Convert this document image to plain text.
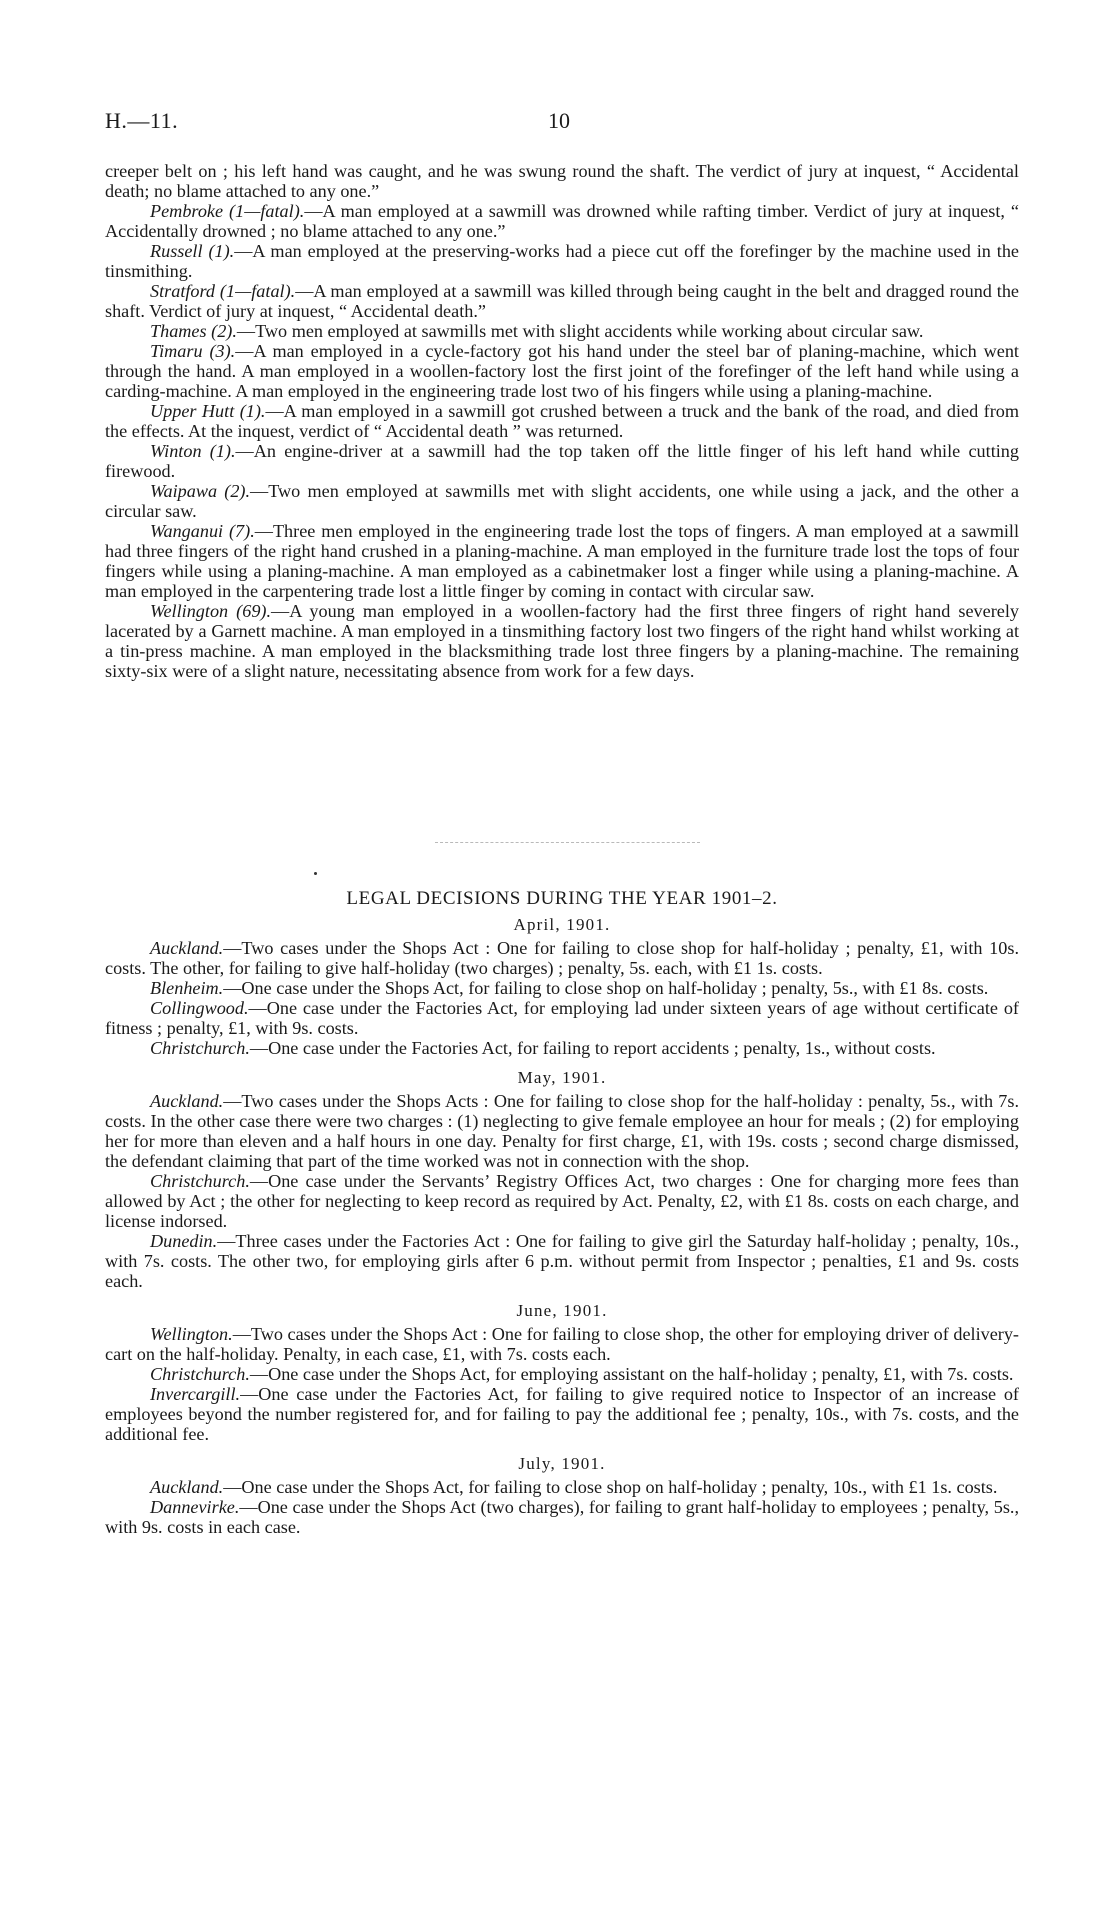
H.—11.	10

creeper belt on ; his left hand was caught, and he was swung round the shaft. The verdict of jury at inquest, “ Accidental death; no blame attached to any one.”

Pembroke (1—fatal).—A man employed at a sawmill was drowned while rafting timber. Verdict of jury at inquest, “ Accidentally drowned ; no blame attached to any one.”

Russell (1).—A man employed at the preserving-works had a piece cut off the forefinger by the machine used in the tinsmithing.

Stratford (1—fatal).—A man employed at a sawmill was killed through being caught in the belt and dragged round the shaft. Verdict of jury at inquest, “ Accidental death.”

Thames (2).—Two men employed at sawmills met with slight accidents while working about circular saw.

Timaru (3).—A man employed in a cycle-factory got his hand under the steel bar of planing-machine, which went through the hand. A man employed in a woollen-factory lost the first joint of the forefinger of the left hand while using a carding-machine. A man employed in the engineering trade lost two of his fingers while using a planing-machine.

Upper Hutt (1).—A man employed in a sawmill got crushed between a truck and the bank of the road, and died from the effects. At the inquest, verdict of “ Accidental death ” was returned.

Winton (1).—An engine-driver at a sawmill had the top taken off the little finger of his left hand while cutting firewood.

Waipawa (2).—Two men employed at sawmills met with slight accidents, one while using a jack, and the other a circular saw.

Wanganui (7).—Three men employed in the engineering trade lost the tops of fingers. A man employed at a sawmill had three fingers of the right hand crushed in a planing-machine. A man employed in the furniture trade lost the tops of four fingers while using a planing-machine. A man employed as a cabinetmaker lost a finger while using a planing-machine. A man employed in the carpentering trade lost a little finger by coming in contact with circular saw.

Wellington (69).—A young man employed in a woollen-factory had the first three fingers of right hand severely lacerated by a Garnett machine. A man employed in a tinsmithing factory lost two fingers of the right hand whilst working at a tin-press machine. A man employed in the blacksmithing trade lost three fingers by a planing-machine. The remaining sixty-six were of a slight nature, necessitating absence from work for a few days.

LEGAL DECISIONS DURING THE YEAR 1901–2.

April, 1901.

Auckland.—Two cases under the Shops Act : One for failing to close shop for half-holiday ; penalty, £1, with 10s. costs. The other, for failing to give half-holiday (two charges) ; penalty, 5s. each, with £1 1s. costs.

Blenheim.—One case under the Shops Act, for failing to close shop on half-holiday ; penalty, 5s., with £1 8s. costs.

Collingwood.—One case under the Factories Act, for employing lad under sixteen years of age without certificate of fitness ; penalty, £1, with 9s. costs.

Christchurch.—One case under the Factories Act, for failing to report accidents ; penalty, 1s., without costs.

May, 1901.

Auckland.—Two cases under the Shops Acts : One for failing to close shop for the half-holiday : penalty, 5s., with 7s. costs. In the other case there were two charges : (1) neglecting to give female employee an hour for meals ; (2) for employing her for more than eleven and a half hours in one day. Penalty for first charge, £1, with 19s. costs ; second charge dismissed, the defendant claiming that part of the time worked was not in connection with the shop.

Christchurch.—One case under the Servants’ Registry Offices Act, two charges : One for charging more fees than allowed by Act ; the other for neglecting to keep record as required by Act. Penalty, £2, with £1 8s. costs on each charge, and license indorsed.

Dunedin.—Three cases under the Factories Act : One for failing to give girl the Saturday half-holiday ; penalty, 10s., with 7s. costs. The other two, for employing girls after 6 p.m. without permit from Inspector ; penalties, £1 and 9s. costs each.

June, 1901.

Wellington.—Two cases under the Shops Act : One for failing to close shop, the other for employing driver of delivery-cart on the half-holiday. Penalty, in each case, £1, with 7s. costs each.

Christchurch.—One case under the Shops Act, for employing assistant on the half-holiday ; penalty, £1, with 7s. costs.

Invercargill.—One case under the Factories Act, for failing to give required notice to Inspector of an increase of employees beyond the number registered for, and for failing to pay the additional fee ; penalty, 10s., with 7s. costs, and the additional fee.

July, 1901.

Auckland.—One case under the Shops Act, for failing to close shop on half-holiday ; penalty, 10s., with £1 1s. costs.

Dannevirke.—One case under the Shops Act (two charges), for failing to grant half-holiday to employees ; penalty, 5s., with 9s. costs in each case.
